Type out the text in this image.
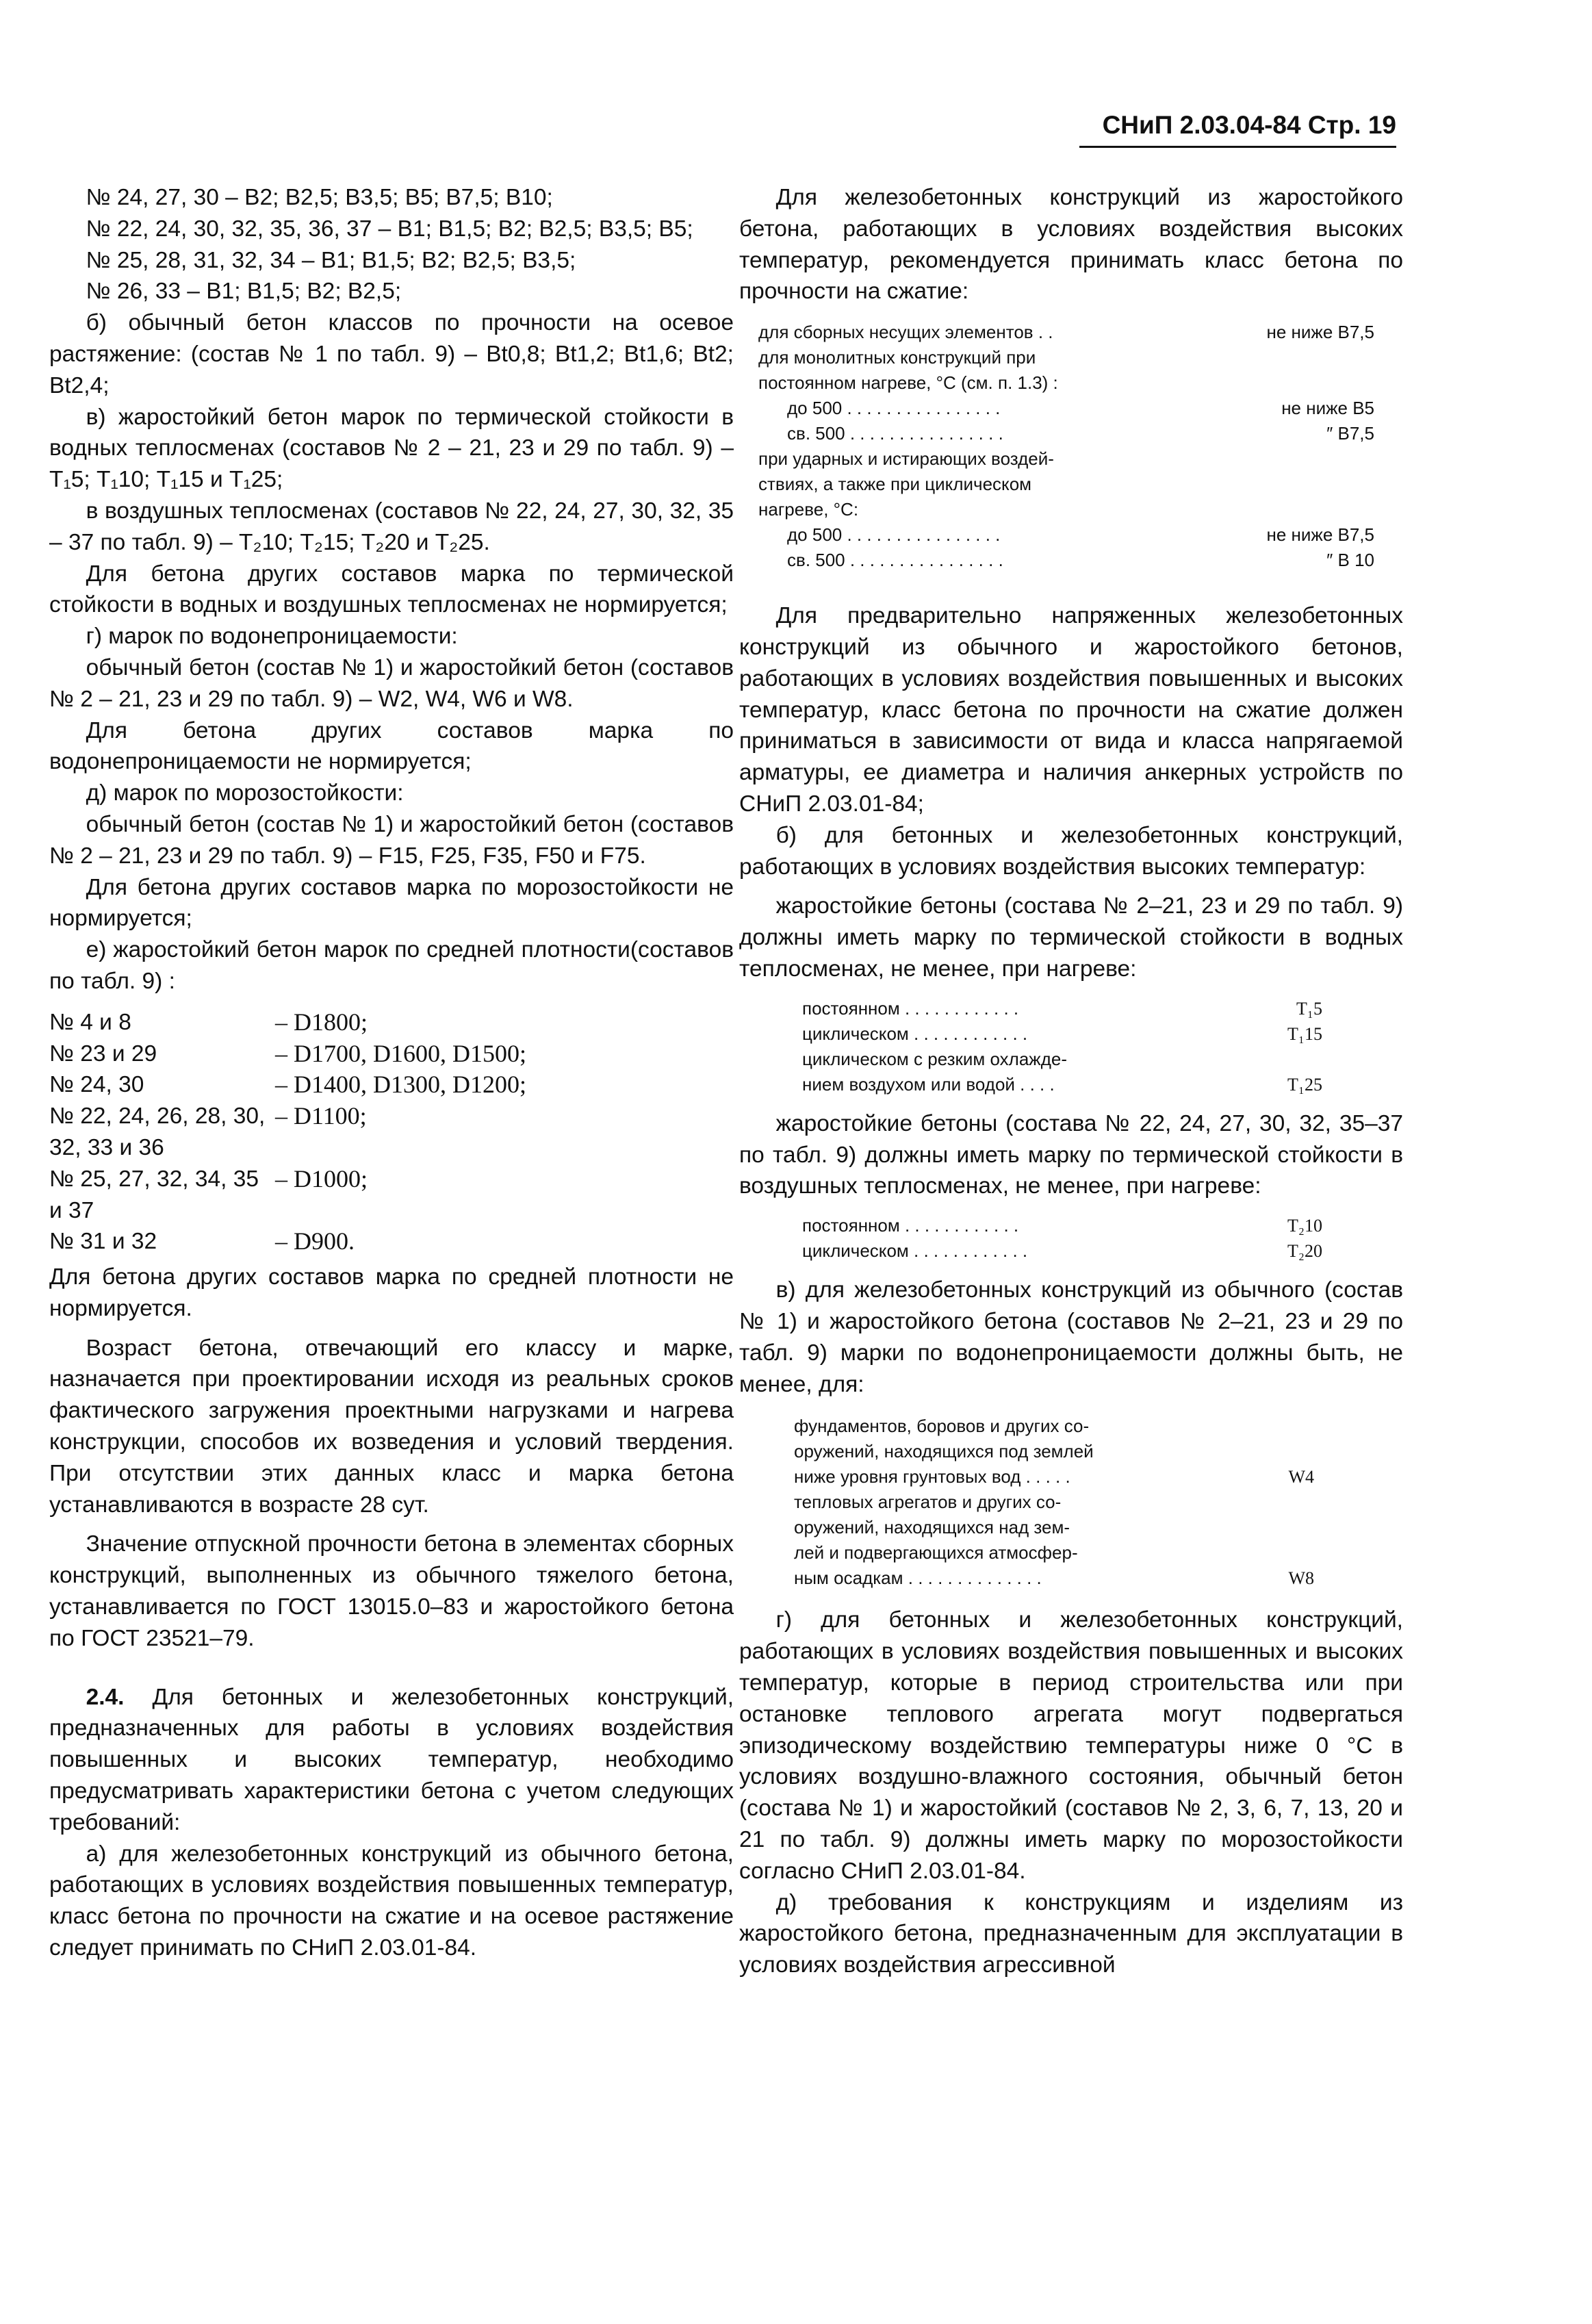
СНиП 2.03.04-84 Стр. 19

№ 24, 27, 30 – В2; В2,5; В3,5; В5; В7,5; В10;

№ 22, 24, 30, 32, 35, 36, 37 – В1; В1,5; В2; В2,5; В3,5; В5;

№ 25, 28, 31, 32, 34 – В1; В1,5; В2; В2,5; В3,5;

№ 26, 33 – В1; В1,5; В2; В2,5;

б) обычный бетон классов по прочности на осевое растяжение: (состав № 1 по табл. 9) – Bt0,8; Bt1,2; Bt1,6; Bt2; Bt2,4;

в) жаростойкий бетон марок по термической стойкости в водных теплосменах (составов № 2 – 21, 23 и 29 по табл. 9) – Т₁5; Т₁10; Т₁15 и Т₁25;

в воздушных теплосменах (составов № 22, 24, 27, 30, 32, 35 – 37 по табл. 9) – Т₂10; Т₂15; Т₂20 и Т₂25.

Для бетона других составов марка по термической стойкости в водных и воздушных теплосменах не нормируется;

г) марок по водонепроницаемости:

обычный бетон (состав № 1) и жаростойкий бетон (составов № 2 – 21, 23 и 29 по табл. 9) – W2, W4, W6 и W8.

Для бетона других составов марка по водонепроницаемости не нормируется;

д) марок по морозостойкости:

обычный бетон (состав № 1) и жаростойкий бетон (составов № 2 – 21, 23 и 29 по табл. 9) – F15, F25, F35, F50 и F75.

Для бетона других составов марка по морозостойкости не нормируется;

е) жаростойкий бетон марок по средней плотности(составов по табл. 9) :

№ 4 и 8	– D1800;
№ 23 и 29	– D1700, D1600, D1500;
№ 24, 30	– D1400, D1300, D1200;
№ 22, 24, 26, 28, 30, 32, 33 и 36	– D1100;
№ 25, 27, 32, 34, 35 и 37	– D1000;
№ 31 и 32	– D900.

Для бетона других составов марка по средней плотности не нормируется.

Возраст бетона, отвечающий его классу и марке, назначается при проектировании исходя из реальных сроков фактического загружения проектными нагрузками и нагрева конструкции, способов их возведения и условий твердения. При отсутствии этих данных класс и марка бетона устанавливаются в возрасте 28 сут.

Значение отпускной прочности бетона в элементах сборных конструкций, выполненных из обычного тяжелого бетона, устанавливается по ГОСТ 13015.0–83 и жаростойкого бетона по ГОСТ 23521–79.

2.4. Для бетонных и железобетонных конструкций, предназначенных для работы в условиях воздействия повышенных и высоких температур, необходимо предусматривать характеристики бетона с учетом следующих требований:

а) для железобетонных конструкций из обычного бетона, работающих в условиях воздействия повышенных температур, класс бетона по прочности на сжатие и на осевое растяжение следует принимать по СНиП 2.03.01-84.

Для железобетонных конструкций из жаростойкого бетона, работающих в условиях воздействия высоких температур, рекомендуется принимать класс бетона по прочности на сжатие:

для сборных несущих элементов . .	не ниже В7,5
для монолитных конструкций при
постоянном нагреве, °С (см. п. 1.3) :
до 500 . . . . . . . . . . . . . . . .	не ниже В5
св. 500 . . . . . . . . . . . . . . . .	″ В7,5
при ударных и истирающих воздей-
ствиях, а также при циклическом
нагреве, °С:
до 500 . . . . . . . . . . . . . . . .	не ниже В7,5
св. 500 . . . . . . . . . . . . . . . .	″ В 10

Для предварительно напряженных железобетонных конструкций из обычного и жаростойкого бетонов, работающих в условиях воздействия повышенных и высоких температур, класс бетона по прочности на сжатие должен приниматься в зависимости от вида и класса напрягаемой арматуры, ее диаметра и наличия анкерных устройств по СНиП 2.03.01-84;

б) для бетонных и железобетонных конструкций, работающих в условиях воздействия высоких температур:

жаростойкие бетоны (состава № 2–21, 23 и 29 по табл. 9) должны иметь марку по термической стойкости в водных теплосменах, не менее, при нагреве:

постоянном . . . . . . . . . . . .	Т₁5
циклическом . . . . . . . . . . . .	Т₁15
циклическом с резким охлажде-
нием воздухом или водой . . . .	Т₁25

жаростойкие бетоны (состава № 22, 24, 27, 30, 32, 35–37 по табл. 9) должны иметь марку по термической стойкости в воздушных теплосменах, не менее, при нагреве:

постоянном . . . . . . . . . . . .	Т₂10
циклическом . . . . . . . . . . . .	Т₂20

в) для железобетонных конструкций из обычного (состав № 1) и жаростойкого бетона (составов № 2–21, 23 и 29 по табл. 9) марки по водонепроницаемости должны быть, не менее, для:

фундаментов, боровов и других со-
оружений, находящихся под землей
ниже уровня грунтовых вод . . . . .	W4
тепловых агрегатов и других со-
оружений, находящихся над зем-
лей и подвергающихся атмосфер-
ным осадкам . . . . . . . . . . . . . .	W8

г) для бетонных и железобетонных конструкций, работающих в условиях воздействия повышенных и высоких температур, которые в период строительства или при остановке теплового агрегата могут подвергаться эпизодическому воздействию температуры ниже 0 °С в условиях воздушно-влажного состояния, обычный бетон (состава № 1) и жаростойкий (составов № 2, 3, 6, 7, 13, 20 и 21 по табл. 9) должны иметь марку по морозостойкости согласно СНиП 2.03.01-84.

д) требования к конструкциям и изделиям из жаростойкого бетона, предназначенным для эксплуатации в условиях воздействия агрессивной
